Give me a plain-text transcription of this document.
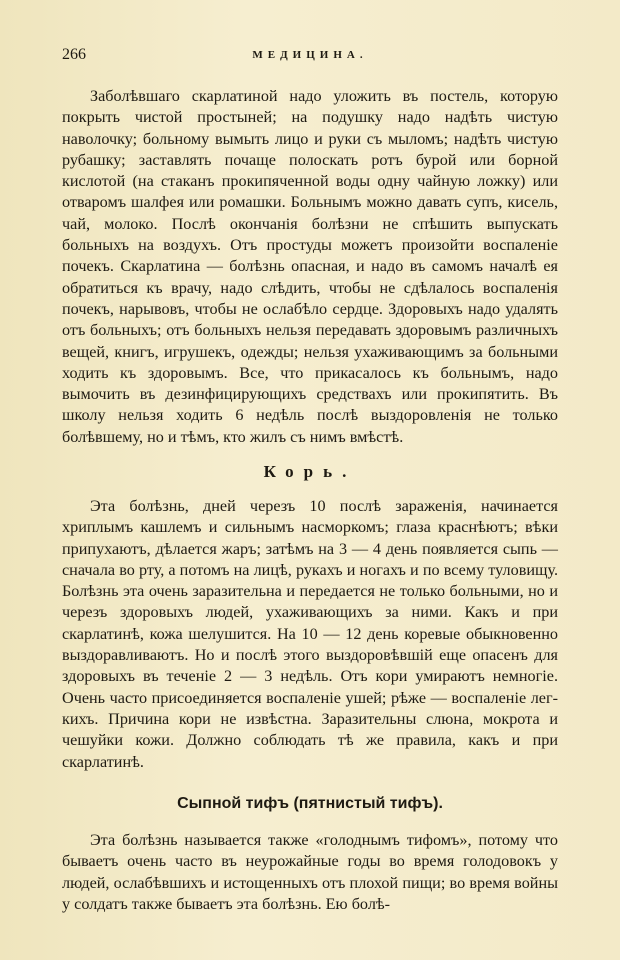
266	МЕДИЦИНА.

Заболѣвшаго скарлатиной надо уложить въ постель, которую покрыть чистой простыней; на подушку надо надѣть чистую наволочку; больному вымыть лицо и руки съ мыломъ; надѣть чистую рубашку; заставлять почаще полоскать ротъ бурой или борной кислотой (на стаканъ прокипяченной воды одну чайную ложку) или отваромъ шалфея или ромашки. Больнымъ можно давать супъ, кисель, чай, молоко. Послѣ окончанія болѣзни не спѣшить выпускать больныхъ на воздухъ. Отъ простуды можетъ произойти воспаленіе почекъ. Скарлатина — болѣзнь опасная, и надо въ самомъ началѣ ея обратиться къ врачу, надо слѣдить, чтобы не сдѣлалось воспаленія почекъ, нарывовъ, чтобы не ослабѣло сердце. Здоровыхъ надо удалять отъ больныхъ; отъ больныхъ нельзя передавать здоровымъ различныхъ вещей, книгъ, игрушекъ, одежды; нельзя ухаживающимъ за больными ходить къ здоровымъ. Все, что прикасалось къ больнымъ, надо вымочить въ дезинфицирующихъ средствахъ или прокипятить. Въ школу нельзя ходить 6 недѣль послѣ выздоровленія не только болѣвшему, но и тѣмъ, кто жилъ съ нимъ вмѣстѣ.

Корь.

Эта болѣзнь, дней черезъ 10 послѣ зараженія, начинается хриплымъ кашлемъ и сильнымъ насморкомъ; глаза краснѣютъ; вѣки припухаютъ, дѣлается жаръ; затѣмъ на 3 — 4 день появляется сыпь — сначала во рту, а потомъ на лицѣ, рукахъ и ногахъ и по всему туловищу. Болѣзнь эта очень заразительна и передается не только больными, но и черезъ здоровыхъ людей, ухаживающихъ за ними. Какъ и при скарлатинѣ, кожа шелушится. На 10 — 12 день коревые обыкновенно выздоравливаютъ. Но и послѣ этого выздоровѣвшій еще опасенъ для здоровыхъ въ теченіе 2 — 3 недѣль. Отъ кори умираютъ немногіе. Очень часто присоединяется воспаленіе ушей; рѣже — воспаленіе легкихъ. Причина кори не извѣстна. Заразительны слюна, мокрота и чешуйки кожи. Должно соблюдать тѣ же правила, какъ и при скарлатинѣ.

Сыпной тифъ (пятнистый тифъ).

Эта болѣзнь называется также «голоднымъ тифомъ», потому что бываетъ очень часто въ неурожайные годы во время голодовокъ у людей, ослабѣвшихъ и истощенныхъ отъ плохой пищи; во время войны у солдатъ также бываетъ эта болѣзнь. Ею болѣ-
